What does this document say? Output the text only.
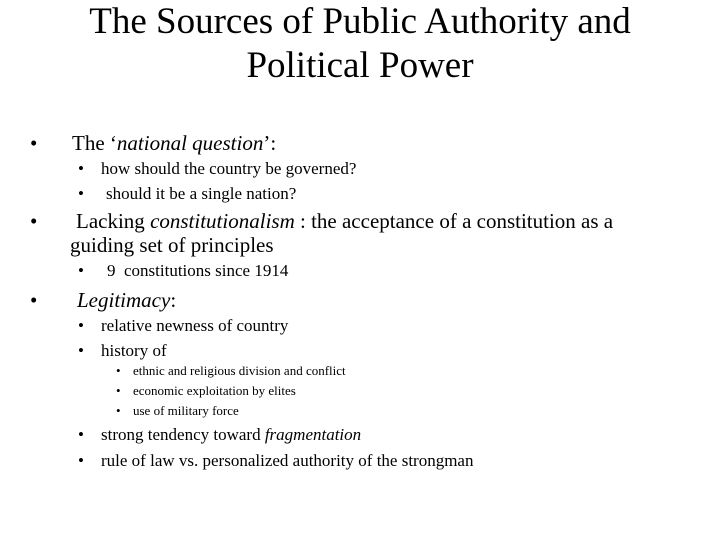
The Sources of Public Authority and
Political Power
• The ‘national question’:
• how should the country be governed?
• should it be a single nation?
• Lacking constitutionalism : the acceptance of a constitution as a
guiding set of principles
• 9  constitutions since 1914
• Legitimacy:
• relative newness of country
• history of
• ethnic and religious division and conflict
• economic exploitation by elites
• use of military force
• strong tendency toward fragmentation
• rule of law vs. personalized authority of the strongman
